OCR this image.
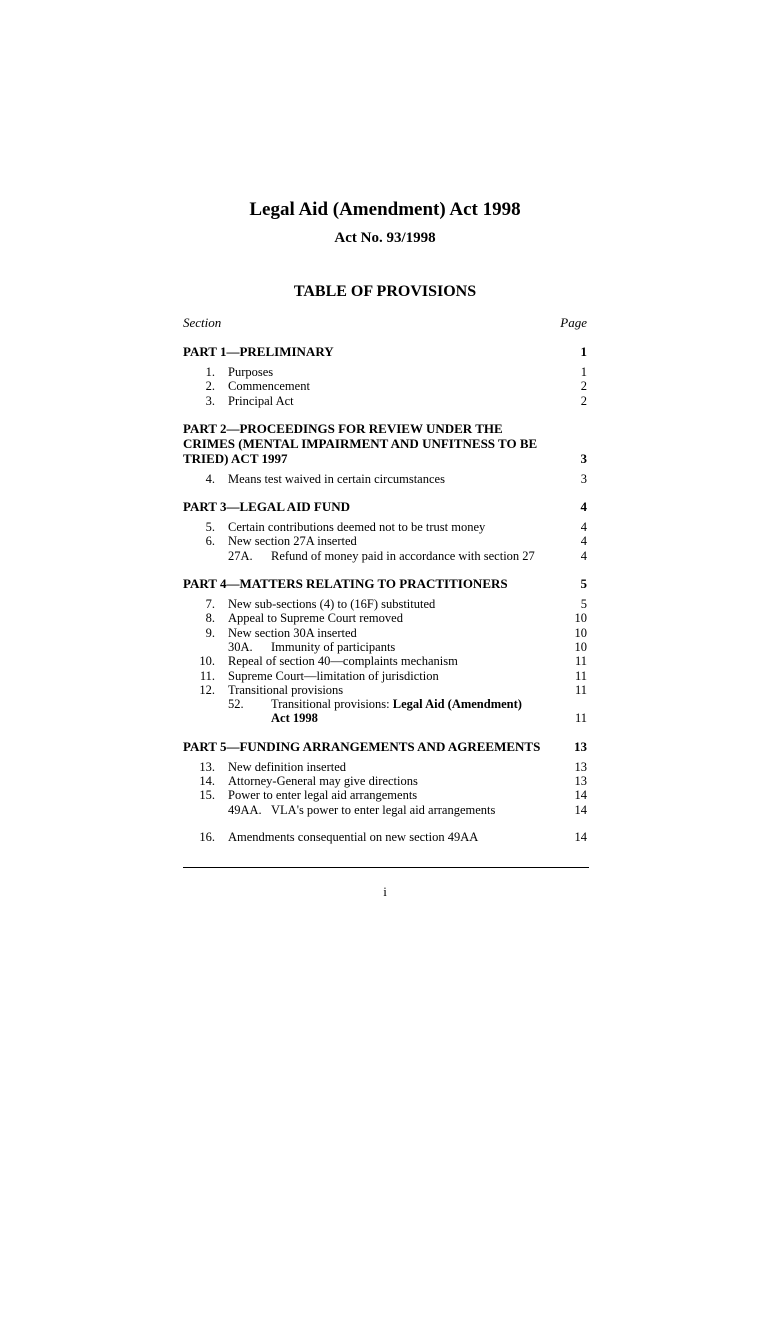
Legal Aid (Amendment) Act 1998
Act No. 93/1998
TABLE OF PROVISIONS
Section	Page
PART 1—PRELIMINARY	1
1. Purposes	1
2. Commencement	2
3. Principal Act	2
PART 2—PROCEEDINGS FOR REVIEW UNDER THE
CRIMES (MENTAL IMPAIRMENT AND UNFITNESS TO BE
TRIED) ACT 1997	3
4. Means test waived in certain circumstances	3
PART 3—LEGAL AID FUND	4
5. Certain contributions deemed not to be trust money	4
6. New section 27A inserted	4
27A. Refund of money paid in accordance with section 27	4
PART 4—MATTERS RELATING TO PRACTITIONERS	5
7. New sub-sections (4) to (16F) substituted	5
8. Appeal to Supreme Court removed	10
9. New section 30A inserted	10
30A. Immunity of participants	10
10. Repeal of section 40—complaints mechanism	11
11. Supreme Court—limitation of jurisdiction	11
12. Transitional provisions	11
52. Transitional provisions: Legal Aid (Amendment)
Act 1998	11
PART 5—FUNDING ARRANGEMENTS AND AGREEMENTS	13
13. New definition inserted	13
14. Attorney-General may give directions	13
15. Power to enter legal aid arrangements	14
49AA. VLA's power to enter legal aid arrangements	14
16. Amendments consequential on new section 49AA	14
i
